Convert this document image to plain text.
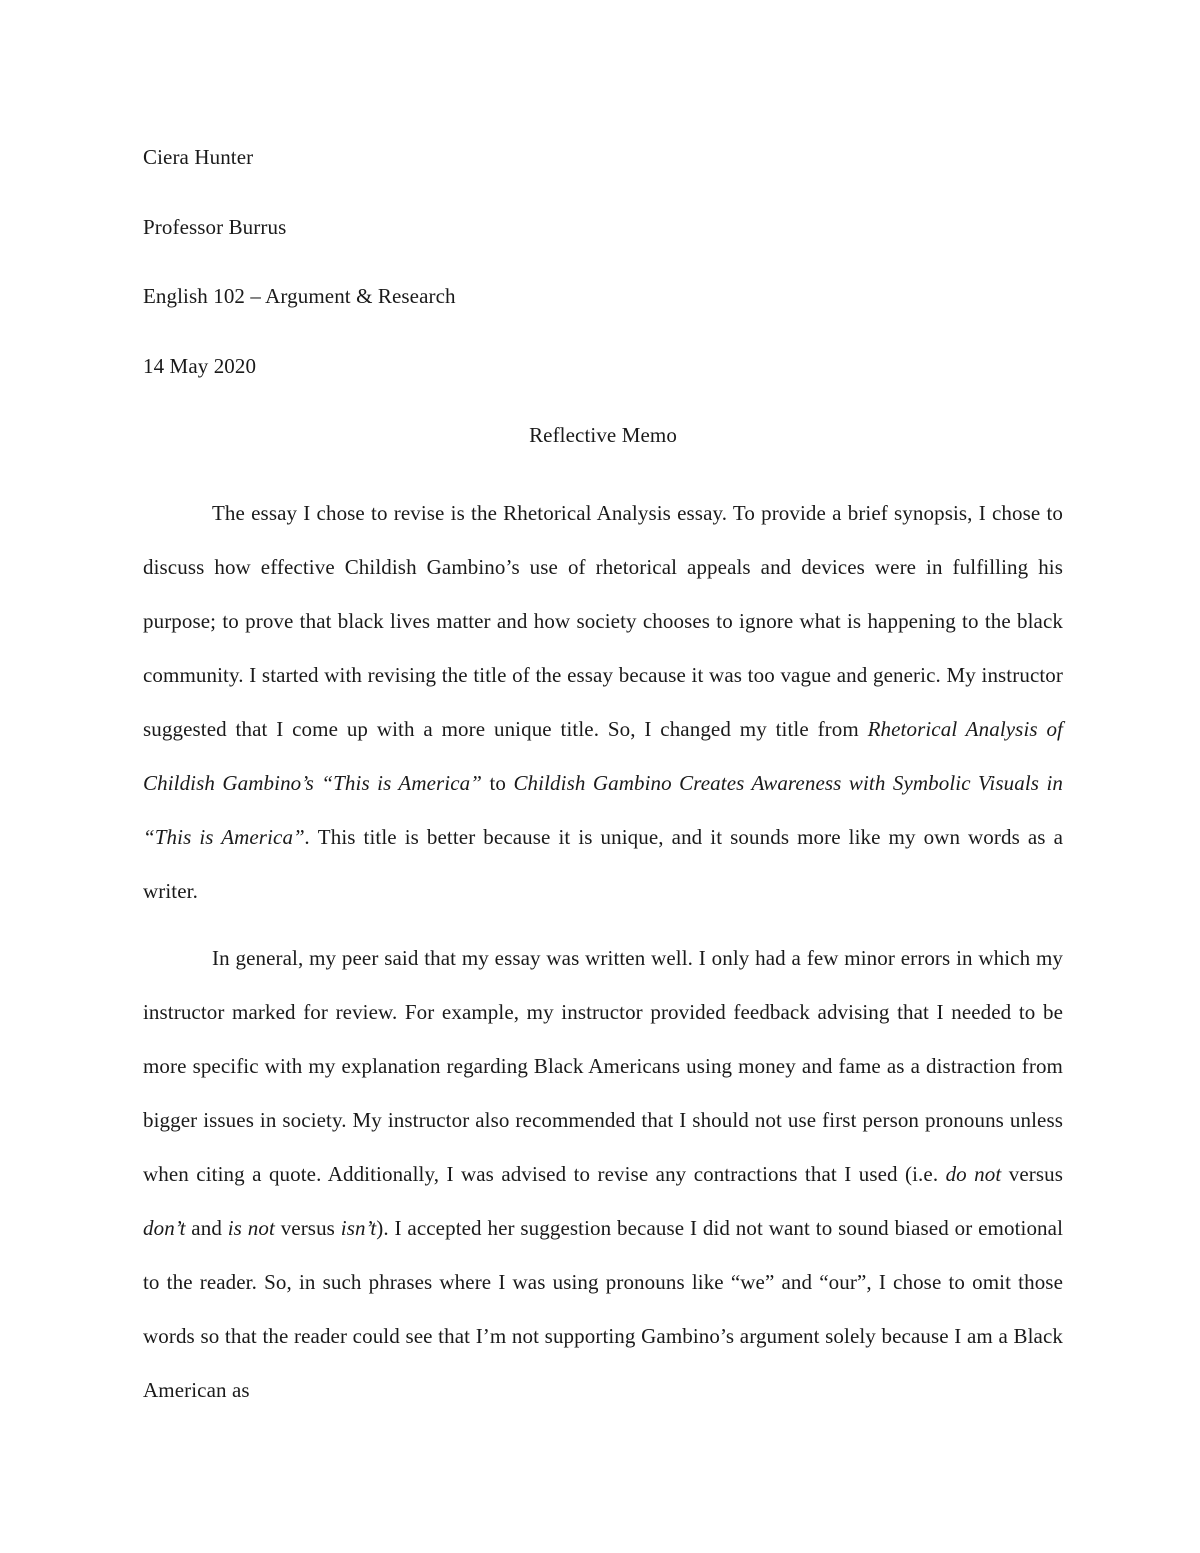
Ciera Hunter

Professor Burrus

English 102 – Argument & Research

14 May 2020

Reflective Memo

The essay I chose to revise is the Rhetorical Analysis essay. To provide a brief synopsis, I chose to discuss how effective Childish Gambino’s use of rhetorical appeals and devices were in fulfilling his purpose; to prove that black lives matter and how society chooses to ignore what is happening to the black community. I started with revising the title of the essay because it was too vague and generic. My instructor suggested that I come up with a more unique title. So, I changed my title from Rhetorical Analysis of Childish Gambino’s “This is America” to Childish Gambino Creates Awareness with Symbolic Visuals in “This is America”. This title is better because it is unique, and it sounds more like my own words as a writer.

In general, my peer said that my essay was written well. I only had a few minor errors in which my instructor marked for review. For example, my instructor provided feedback advising that I needed to be more specific with my explanation regarding Black Americans using money and fame as a distraction from bigger issues in society. My instructor also recommended that I should not use first person pronouns unless when citing a quote. Additionally, I was advised to revise any contractions that I used (i.e. do not versus don’t and is not versus isn’t). I accepted her suggestion because I did not want to sound biased or emotional to the reader. So, in such phrases where I was using pronouns like “we” and “our”, I chose to omit those words so that the reader could see that I’m not supporting Gambino’s argument solely because I am a Black American as
